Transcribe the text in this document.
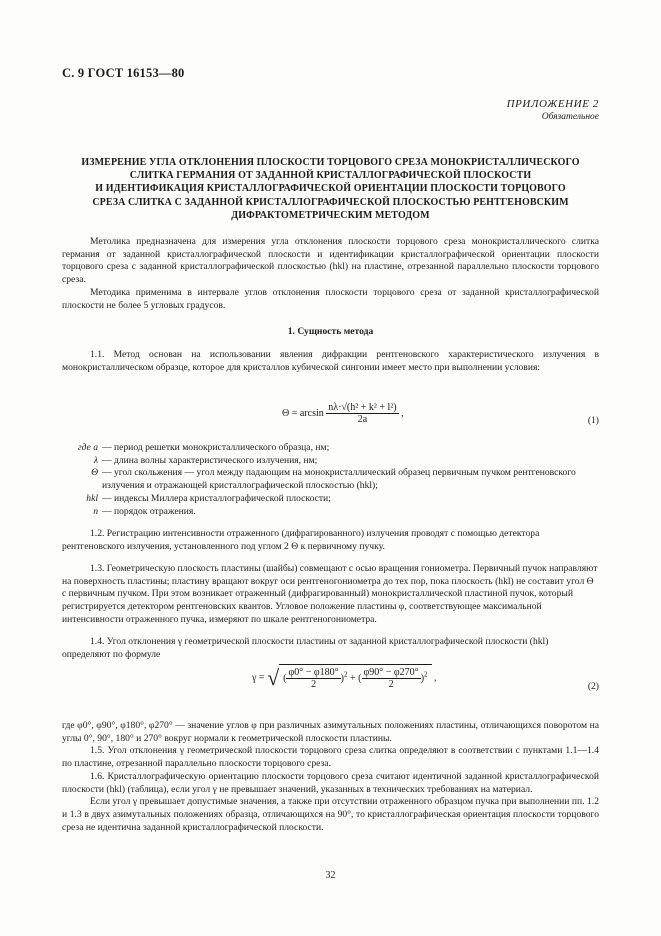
С. 9 ГОСТ 16153—80
ПРИЛОЖЕНИЕ 2
Обязательное
ИЗМЕРЕНИЕ УГЛА ОТКЛОНЕНИЯ ПЛОСКОСТИ ТОРЦОВОГО СРЕЗА МОНОКРИСТАЛЛИЧЕСКОГО
СЛИТКА ГЕРМАНИЯ ОТ ЗАДАННОЙ КРИСТАЛЛОГРАФИЧЕСКОЙ ПЛОСКОСТИ
И ИДЕНТИФИКАЦИЯ КРИСТАЛЛОГРАФИЧЕСКОЙ ОРИЕНТАЦИИ ПЛОСКОСТИ ТОРЦОВОГО
СРЕЗА СЛИТКА С ЗАДАННОЙ КРИСТАЛЛОГРАФИЧЕСКОЙ ПЛОСКОСТЬЮ РЕНТГЕНОВСКИМ
ДИФРАКТОМЕТРИЧЕСКИМ МЕТОДОМ

Метолика предназначена для измерения угла отклонения плоскости торцового среза монокристаллического слитка германия от заданной кристаллографической плоскости и идентификации кристаллографической ориентации плоскости торцового среза с заданной кристаллографической плоскостью (hkl) на пластине, отрезанной параллельно плоскости торцового среза.

Методика применима в интервале углов отклонения плоскости торцового среза от заданной кристаллографической плоскости не более 5 угловых градусов.

1. Сущность метода

1.1. Метод основан на использовании явления дифракции рентгеновского характеристического излучения в монокристаллическом образце, которое для кристаллов кубической сингонии имеет место при выполнении условия:

$\Theta = \arcsin \frac{\text{nλ·√(h² + k² + l²)}}{2a}$ ,
(1)
где a — период решетки монокристаллического образца, нм;
λ — длина волны характеристического излучения, нм;
Θ — угол скольжения — угол между падающим на монокристаллический образец первичным пучком рентгеновского излучения и отражающей кристаллографической плоскостью (hkl);
hkl — индексы Миллера кристаллографической плоскости;
n — порядок отражения.

1.2. Регистрацию интенсивности отраженного (дифрагированного) излучения проводят с помощью детектора рентгеновского излучения, установленного под углом 2 Θ к первичному пучку.

1.3. Геометрическую плоскость пластины (шайбы) совмещают с осью вращения гониометра. Первичный пучок направляют на поверхность пластины; пластину вращают вокруг оси рентгеногониометра до тех пор, пока плоскость (hkl) не составит угол Θ с первичным пучком. При этом возникает отраженный (дифрагированный) монокристаллической пластиной пучок, который регистрируется детектором рентгеновских квантов. Угловое положение пластины φ, соответствующее максимальной интенсивности отраженного пучка, измеряют по шкале рентгеногониометра.

1.4. Угол отклонения γ геометрической плоскости пластины от заданной кристаллографической плоскости (hkl) определяют по формуле

γ = √( $\frac{\varphi 0^\circ - \varphi 180^\circ}{2} )^2$ + ( $\frac{\varphi 90^\circ - \varphi 270^\circ}{2} )^2$ ,
(2)

где φ0°, φ90°, φ180°, φ270° — значение углов φ при различных азимутальных положениях пластины, отличающихся поворотом на углы 0°, 90°, 180° и 270° вокруг нормали к геометрической плоскости пластины.

1.5. Угол отклонения γ геометрической плоскости торцового среза слитка определяют в соответствии с пунктами 1.1—1.4 по пластине, отрезанной параллельно плоскости торцового среза.

1.6. Кристаллографическую ориентацию плоскости торцового среза считают идентичной заданной кристаллографической плоскости (hkl) (таблица), если угол γ не превышает значений, указанных в технических требованиях на материал.

Если угол γ превышает допустимые значения, а также при отсутствии отраженного образцом пучка при выполнении пп. 1.2 и 1.3 в двух азимутальных положениях образца, отличающихся на 90°, то кристаллографическая ориентация плоскости торцового среза не идентична заданной кристаллографической плоскости.

32
